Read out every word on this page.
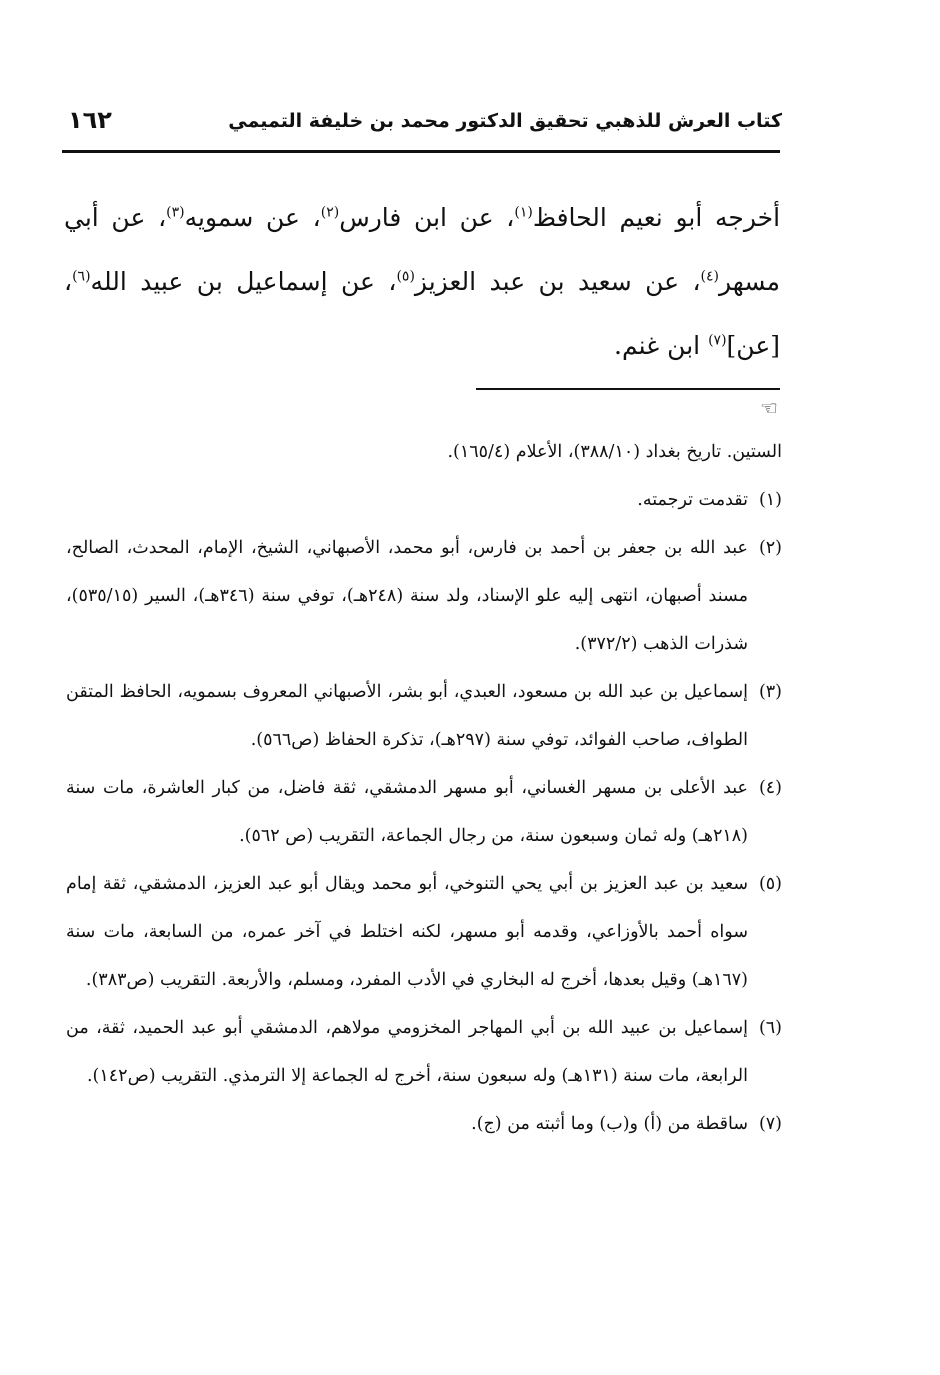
كتاب العرش للذهبي تحقيق الدكتور محمد بن خليفة التميمي
١٦٢

أخرجه أبو نعيم الحافظ$^{(١)}$، عن ابن فارس$^{(٢)}$، عن سمويه$^{(٣)}$، عن أبي مسهر$^{(٤)}$، عن سعيد بن عبد العزيز$^{(٥)}$، عن إسماعيل بن عبيد الله$^{(٦)}$، [عن]$^{(٧)}$ ابن غنم.

☜
الستين. تاريخ بغداد (٣٨٨/١٠)، الأعلام (١٦٥/٤).

(١)تقدمت ترجمته.

(٢)عبد الله بن جعفر بن أحمد بن فارس، أبو محمد، الأصبهاني، الشيخ، الإمام، المحدث، الصالح، مسند أصبهان، انتهى إليه علو الإسناد، ولد سنة (٢٤٨هـ)، توفي سنة (٣٤٦هـ)، السير (٥٣٥/١٥)، شذرات الذهب (٣٧٢/٢).

(٣)إسماعيل بن عبد الله بن مسعود، العبدي، أبو بشر، الأصبهاني المعروف بسمويه، الحافظ المتقن الطواف، صاحب الفوائد، توفي سنة (٢٩٧هـ)، تذكرة الحفاظ (ص٥٦٦).

(٤)عبد الأعلى بن مسهر الغساني، أبو مسهر الدمشقي، ثقة فاضل، من كبار العاشرة، مات سنة (٢١٨هـ) وله ثمان وسبعون سنة، من رجال الجماعة، التقريب (ص ٥٦٢).

(٥)سعيد بن عبد العزيز بن أبي يحي التنوخي، أبو محمد ويقال أبو عبد العزيز، الدمشقي، ثقة إمام سواه أحمد بالأوزاعي، وقدمه أبو مسهر، لكنه اختلط في آخر عمره، من السابعة، مات سنة (١٦٧هـ) وقيل بعدها، أخرج له البخاري في الأدب المفرد، ومسلم، والأربعة. التقريب (ص٣٨٣).

(٦)إسماعيل بن عبيد الله بن أبي المهاجر المخزومي مولاهم، الدمشقي أبو عبد الحميد، ثقة، من الرابعة، مات سنة (١٣١هـ) وله سبعون سنة، أخرج له الجماعة إلا الترمذي. التقريب (ص١٤٢).

(٧)ساقطة من (أ) و(ب) وما أثبته من (ج).
